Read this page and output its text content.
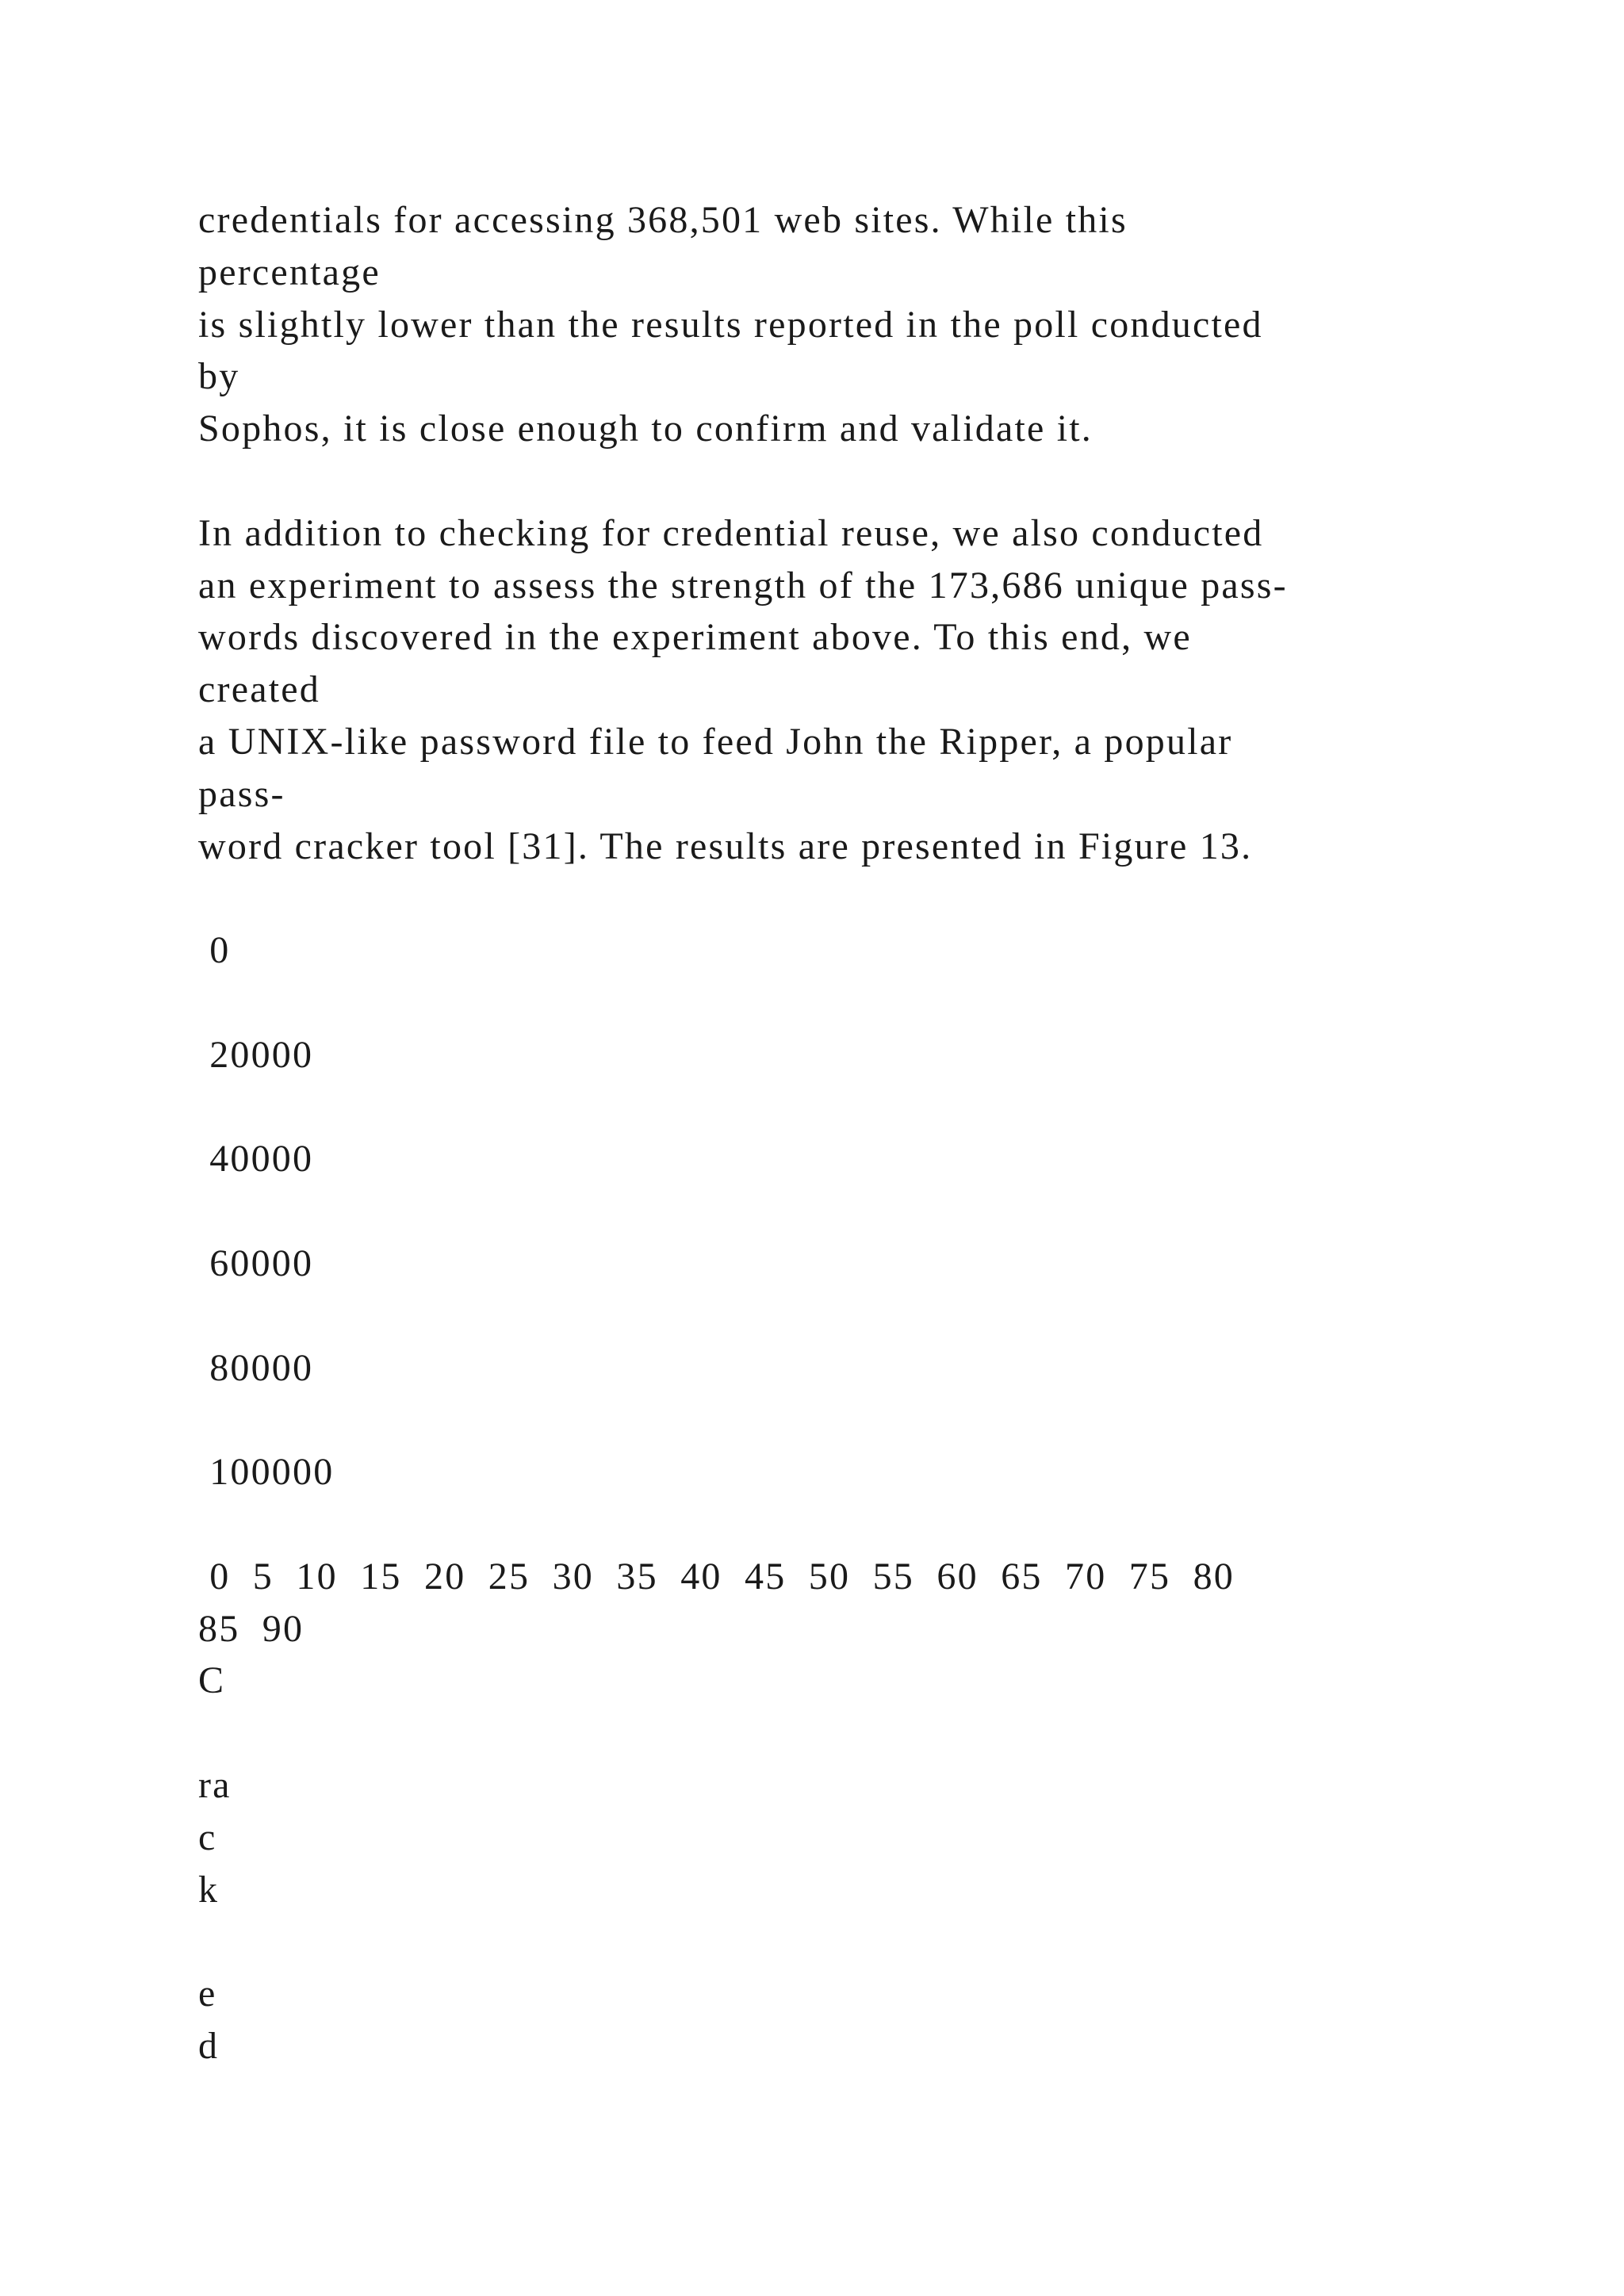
credentials for accessing 368,501 web sites. While this
percentage
is slightly lower than the results reported in the poll conducted
by
Sophos, it is close enough to confirm and validate it.
In addition to checking for credential reuse, we also conducted
an experiment to assess the strength of the 173,686 unique pass-
words discovered in the experiment above. To this end, we
created
a UNIX-like password file to feed John the Ripper, a popular
pass-
word cracker tool [31]. The results are presented in Figure 13.
0
20000
40000
60000
80000
100000
0  5  10  15  20  25  30  35  40  45  50  55  60  65  70  75  80
85  90
C
ra
c
k
e
d
